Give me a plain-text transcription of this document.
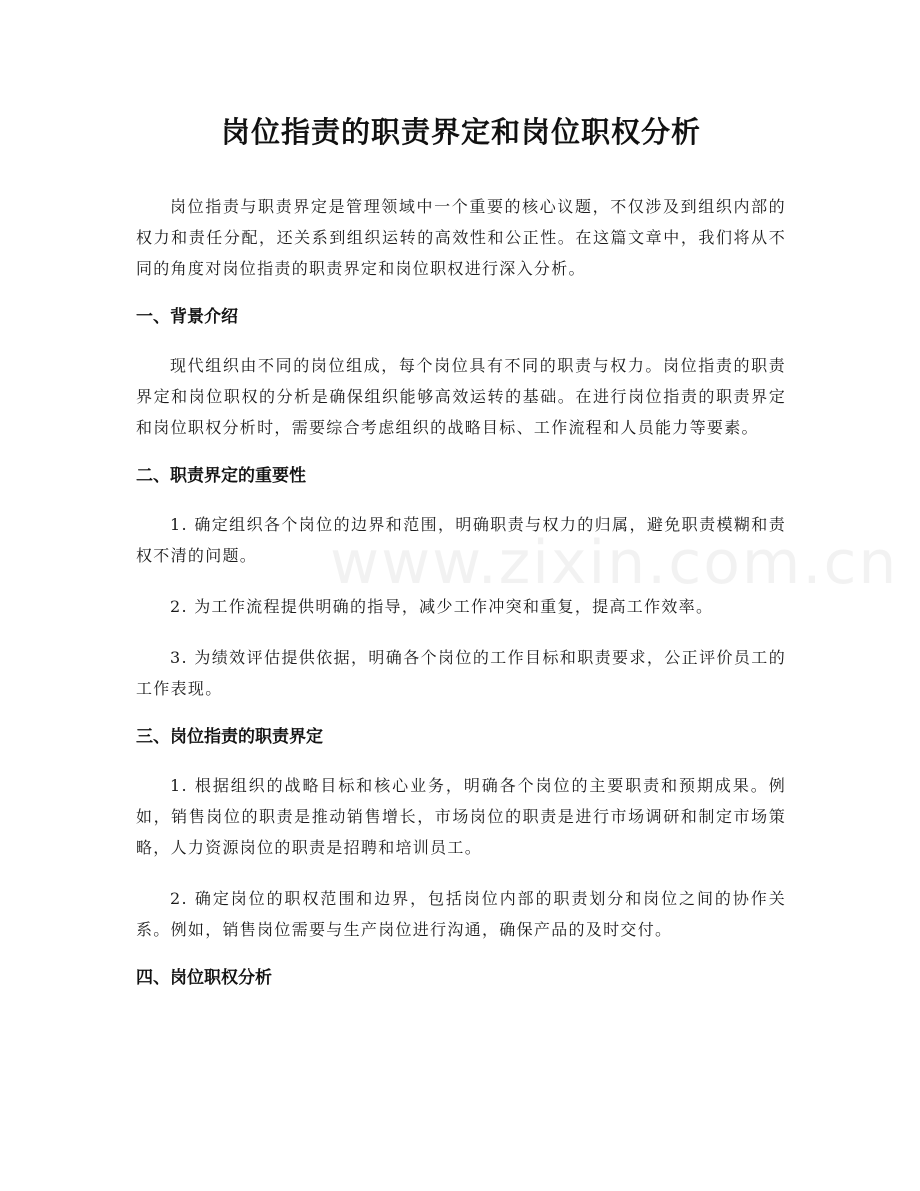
岗位指责的职责界定和岗位职权分析

岗位指责与职责界定是管理领域中一个重要的核心议题，不仅涉及到组织内部的权力和责任分配，还关系到组织运转的高效性和公正性。在这篇文章中，我们将从不同的角度对岗位指责的职责界定和岗位职权进行深入分析。

一、背景介绍

现代组织由不同的岗位组成，每个岗位具有不同的职责与权力。岗位指责的职责界定和岗位职权的分析是确保组织能够高效运转的基础。在进行岗位指责的职责界定和岗位职权分析时，需要综合考虑组织的战略目标、工作流程和人员能力等要素。

二、职责界定的重要性

1. 确定组织各个岗位的边界和范围，明确职责与权力的归属，避免职责模糊和责权不清的问题。

2. 为工作流程提供明确的指导，减少工作冲突和重复，提高工作效率。

3. 为绩效评估提供依据，明确各个岗位的工作目标和职责要求，公正评价员工的工作表现。

三、岗位指责的职责界定

1. 根据组织的战略目标和核心业务，明确各个岗位的主要职责和预期成果。例如，销售岗位的职责是推动销售增长，市场岗位的职责是进行市场调研和制定市场策略，人力资源岗位的职责是招聘和培训员工。

2. 确定岗位的职权范围和边界，包括岗位内部的职责划分和岗位之间的协作关系。例如，销售岗位需要与生产岗位进行沟通，确保产品的及时交付。

四、岗位职权分析
www.zixin.com.cn
